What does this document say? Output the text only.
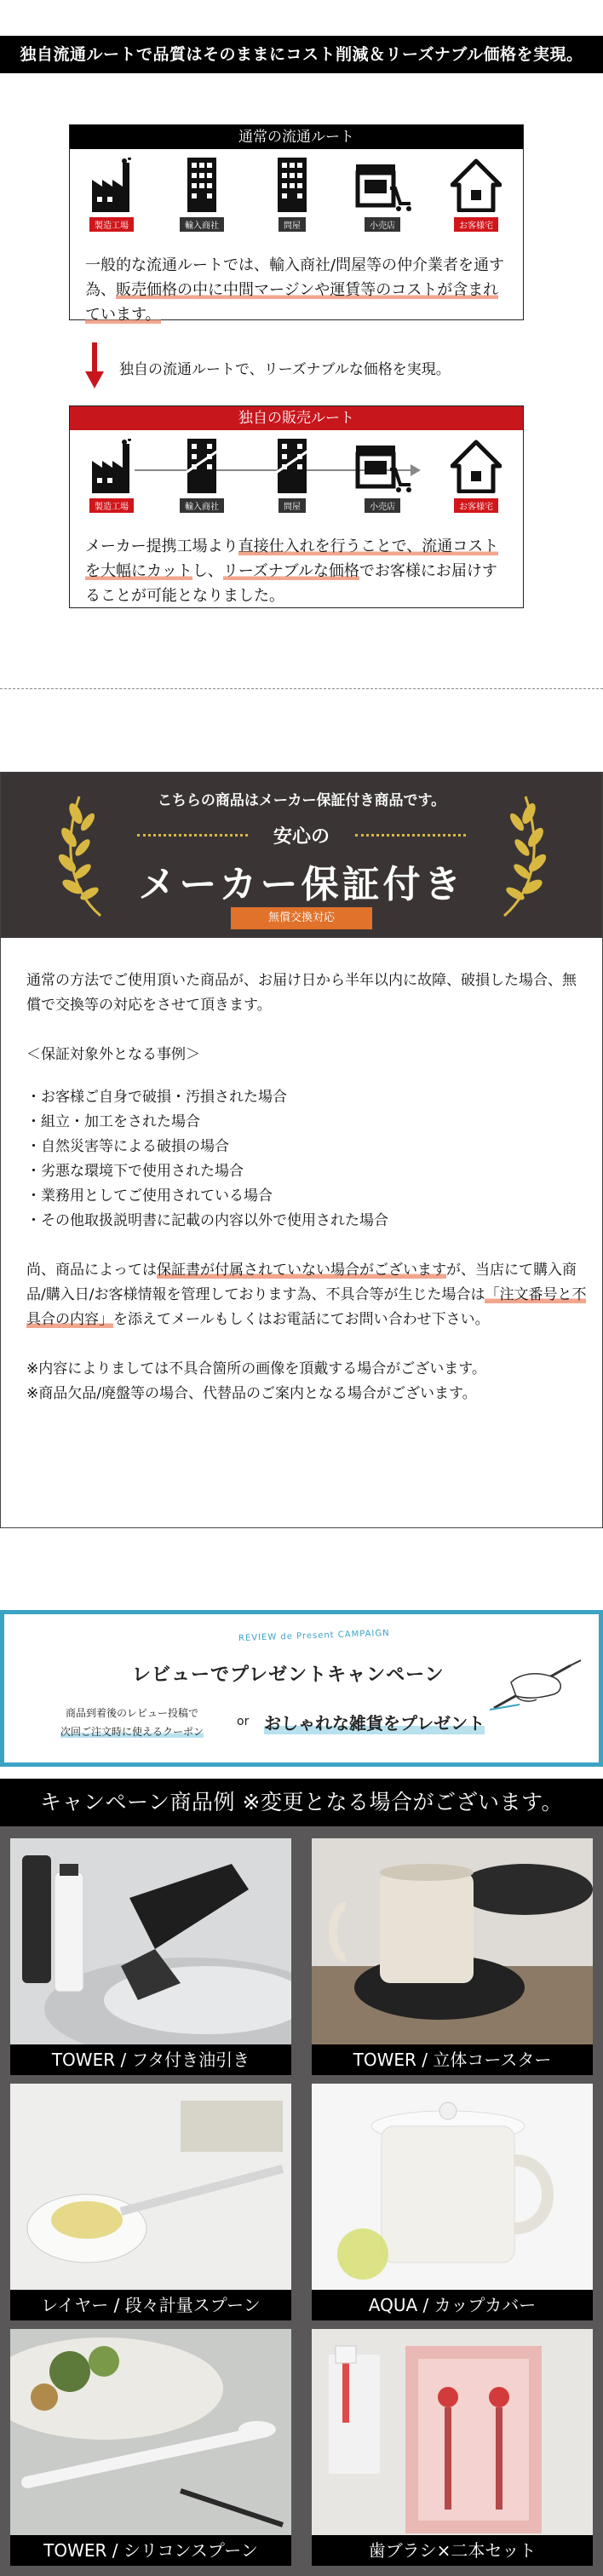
独自流通ルートで品質はそのままにコスト削減＆リーズナブル価格を実現。
通常の流通ルート
製造工場	輸入商社	問屋	小売店	お客様宅
一般的な流通ルートでは、輸入商社/問屋等の仲介業者を通す為、販売価格の中に中間マージンや運賃等のコストが含まれています。
独自の流通ルートで、リーズナブルな価格を実現。
独自の販売ルート
製造工場	輸入商社	問屋	小売店	お客様宅
メーカー提携工場より直接仕入れを行うことで、流通コストを大幅にカットし、リーズナブルな価格でお客様にお届けすることが可能となりました。
こちらの商品はメーカー保証付き商品です。
安心の
メーカー保証付き
無償交換対応

通常の方法でご使用頂いた商品が、お届け日から半年以内に故障、破損した場合、無償で交換等の対応をさせて頂きます。

＜保証対象外となる事例＞

・お客様ご自身で破損・汚損された場合
・組立・加工をされた場合
・自然災害等による破損の場合
・劣悪な環境下で使用された場合
・業務用としてご使用されている場合
・その他取扱説明書に記載の内容以外で使用された場合

尚、商品によっては保証書が付属されていない場合がございますが、当店にて購入商品/購入日/お客様情報を管理しております為、不具合等が生じた場合は「注文番号と不具合の内容」を添えてメールもしくはお電話にてお問い合わせ下さい。

※内容によりましては不具合箇所の画像を頂戴する場合がございます。
※商品欠品/廃盤等の場合、代替品のご案内となる場合がございます。

REVIEW de Present CAMPAIGN
レビューでプレゼントキャンペーン
商品到着後のレビュー投稿で
次回ご注文時に使えるクーポン
or おしゃれな雑貨をプレゼント
キャンペーン商品例 ※変更となる場合がございます。
TOWER / フタ付き油引き	TOWER / 立体コースター
レイヤー / 段々計量スプーン	AQUA / カップカバー
TOWER / シリコンスプーン	歯ブラシ×二本セット
